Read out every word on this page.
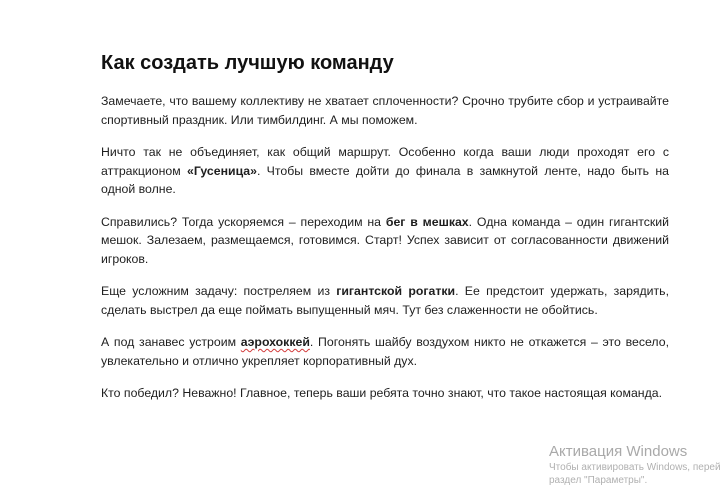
Как создать лучшую команду

Замечаете, что вашему коллективу не хватает сплоченности? Срочно трубите сбор и устраивайте спортивный праздник. Или тимбилдинг. А мы поможем.

Ничто так не объединяет, как общий маршрут. Особенно когда ваши люди проходят его с аттракционом «Гусеница». Чтобы вместе дойти до финала в замкнутой ленте, надо быть на одной волне.

Справились? Тогда ускоряемся – переходим на бег в мешках. Одна команда – один гигантский мешок. Залезаем, размещаемся, готовимся. Старт! Успех зависит от согласованности движений игроков.

Еще усложним задачу: постреляем из гигантской рогатки. Ее предстоит удержать, зарядить, сделать выстрел да еще поймать выпущенный мяч. Тут без слаженности не обойтись.

А под занавес устроим аэрохоккей. Погонять шайбу воздухом никто не откажется – это весело, увлекательно и отлично укрепляет корпоративный дух.

Кто победил? Неважно! Главное, теперь ваши ребята точно знают, что такое настоящая команда.

Активация Windows
Чтобы активировать Windows, перей
раздел "Параметры".
